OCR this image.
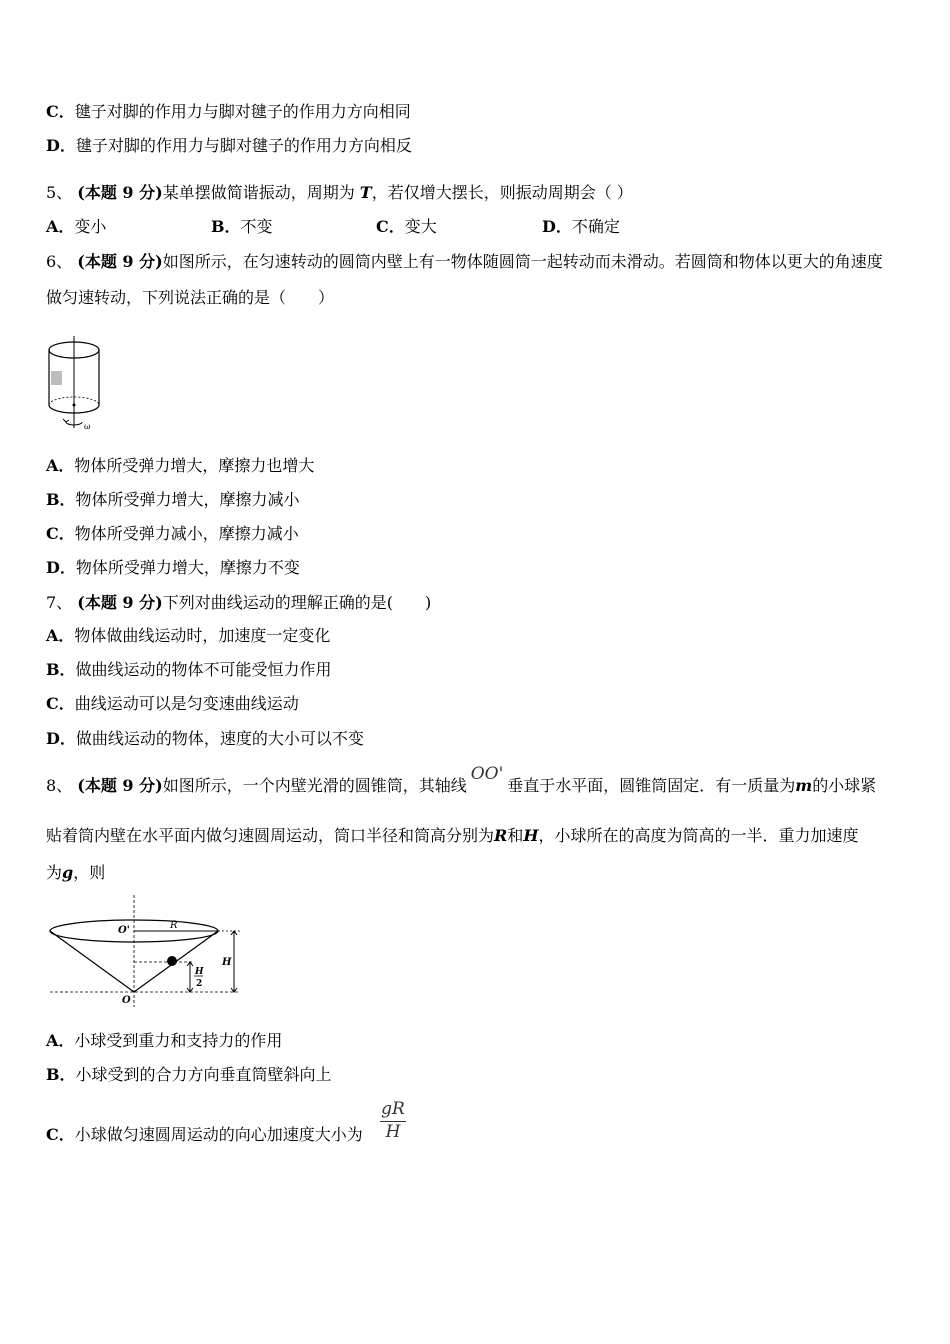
C．毽子对脚的作用力与脚对毽子的作用力方向相同
D．毽子对脚的作用力与脚对毽子的作用力方向相反
5、 (本题 9 分)某单摆做简谐振动，周期为 T，若仅增大摆长，则振动周期会（ ）
A．变小	B．不变	C．变大	D．不确定
6、 (本题 9 分)如图所示，在匀速转动的圆筒内壁上有一物体随圆筒一起转动而未滑动。若圆筒和物体以更大的角速度
做匀速转动，下列说法正确的是（　　）
ω
A．物体所受弹力增大，摩擦力也增大
B．物体所受弹力增大，摩擦力减小
C．物体所受弹力减小，摩擦力减小
D．物体所受弹力增大，摩擦力不变
7、 (本题 9 分)下列对曲线运动的理解正确的是(　　)
A．物体做曲线运动时，加速度一定变化
B．做曲线运动的物体不可能受恒力作用
C．曲线运动可以是匀变速曲线运动
D．做曲线运动的物体，速度的大小可以不变
8、 (本题 9 分)如图所示，一个内壁光滑的圆锥筒，其轴线OO'垂直于水平面，圆锥筒固定．有一质量为m的小球紧
贴着筒内壁在水平面内做匀速圆周运动，筒口半径和筒高分别为R和H，小球所在的高度为筒高的一半．重力加速度
为g，则
O'	R
H
H
2
O
A．小球受到重力和支持力的作用
B．小球受到的合力方向垂直筒壁斜向上
C．小球做匀速圆周运动的向心加速度大小为
gR
H
